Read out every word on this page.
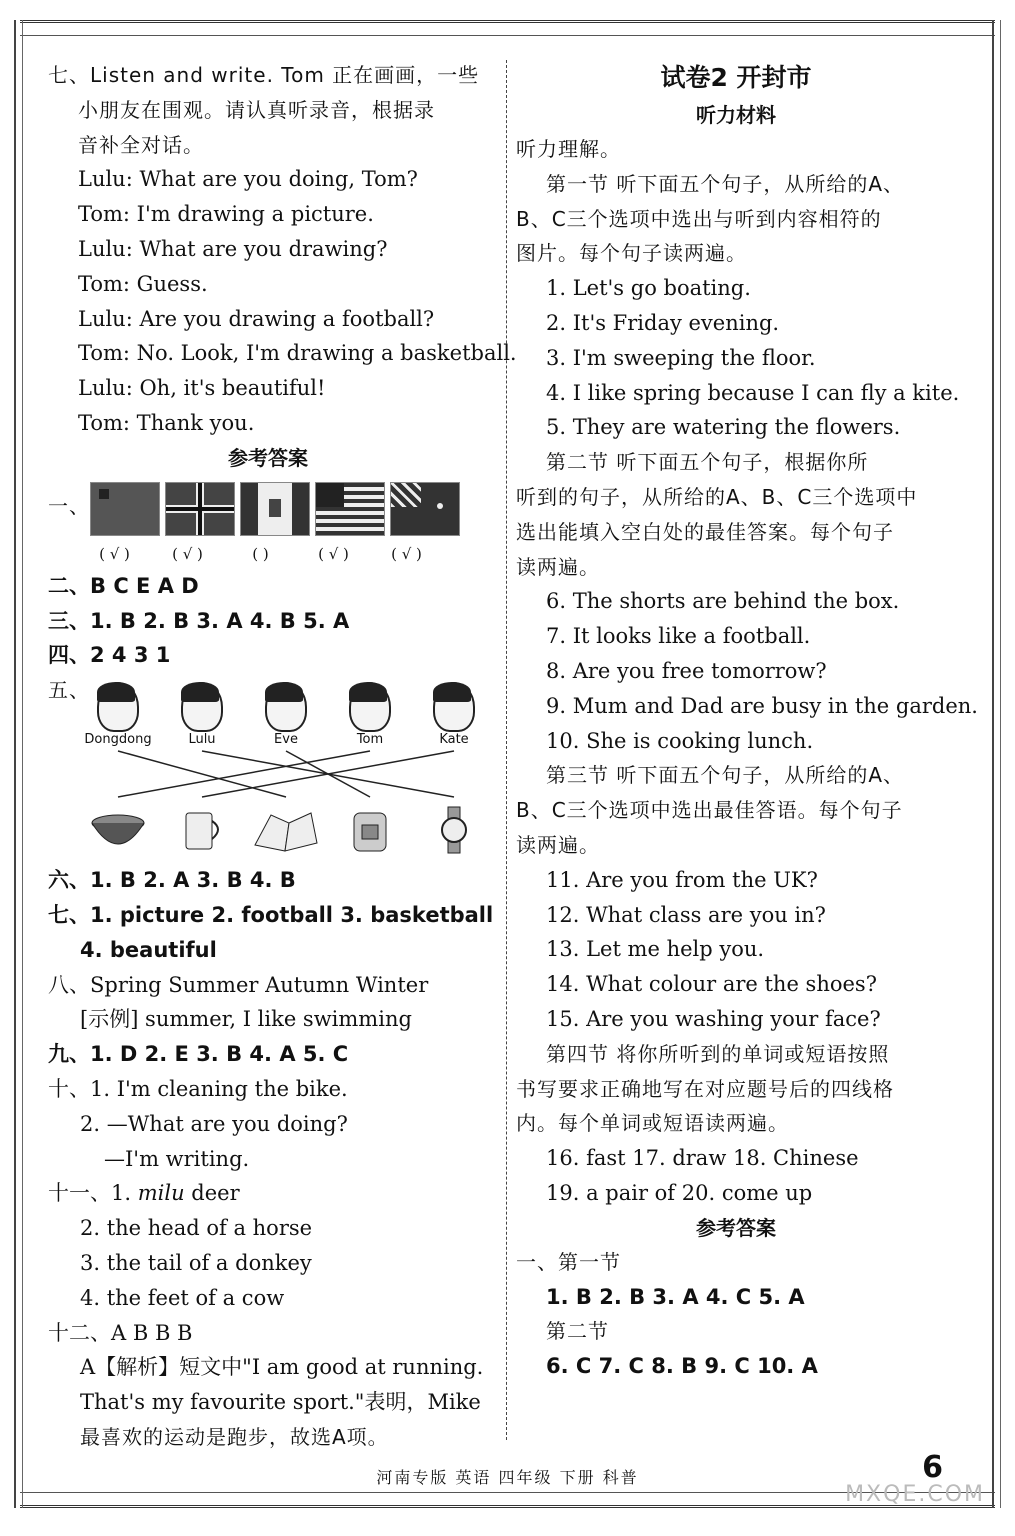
七、Listen and write. Tom 正在画画，一些
小朋友在围观。请认真听录音，根据录
音补全对话。
Lulu: What are you doing, Tom?
Tom: I'm drawing a picture.
Lulu: What are you drawing?
Tom: Guess.
Lulu: Are you drawing a football?
Tom: No. Look, I'm drawing a basketball.
Lulu: Oh, it's beautiful!
Tom: Thank you.
参考答案
一、
( √ )	( √ )	( )	( √ )	( √ )
二、B C E A D
三、1. B 2. B 3. A 4. B 5. A
四、2 4 3 1
五、
Dongdong	Lulu	Eve	Tom	Kate
六、1. B 2. A 3. B 4. B
七、1. picture 2. football 3. basketball
4. beautiful
八、Spring Summer Autumn Winter
[示例] summer, I like swimming
九、1. D 2. E 3. B 4. A 5. C
十、1. I'm cleaning the bike.
2. —What are you doing?
—I'm writing.
十一、1. milu deer
2. the head of a horse
3. the tail of a donkey
4. the feet of a cow
十二、A B B B
A【解析】短文中"I am good at running.
That's my favourite sport."表明，Mike
最喜欢的运动是跑步，故选A项。
试卷2 开封市
听力材料
听力理解。
第一节 听下面五个句子，从所给的A、
B、C三个选项中选出与听到内容相符的
图片。每个句子读两遍。
1. Let's go boating.
2. It's Friday evening.
3. I'm sweeping the floor.
4. I like spring because I can fly a kite.
5. They are watering the flowers.
第二节 听下面五个句子，根据你所
听到的句子，从所给的A、B、C三个选项中
选出能填入空白处的最佳答案。每个句子
读两遍。
6. The shorts are behind the box.
7. It looks like a football.
8. Are you free tomorrow?
9. Mum and Dad are busy in the garden.
10. She is cooking lunch.
第三节 听下面五个句子，从所给的A、
B、C三个选项中选出最佳答语。每个句子
读两遍。
11. Are you from the UK?
12. What class are you in?
13. Let me help you.
14. What colour are the shoes?
15. Are you washing your face?
第四节 将你所听到的单词或短语按照
书写要求正确地写在对应题号后的四线格
内。每个单词或短语读两遍。
16. fast 17. draw 18. Chinese
19. a pair of 20. come up
参考答案
一、第一节
1. B 2. B 3. A 4. C 5. A
第二节
6. C 7. C 8. B 9. C 10. A
河南专版 英语 四年级 下册 科普	6
MXQE.COM
